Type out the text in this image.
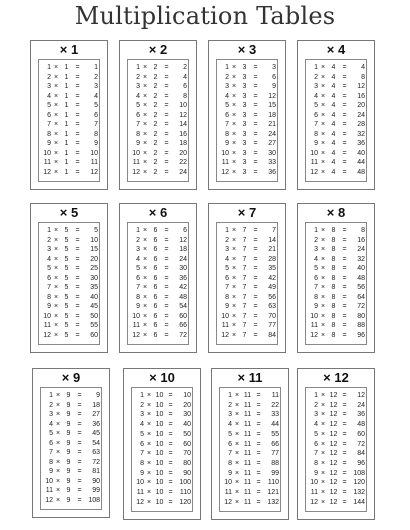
Multiplication Tables
× 1
1 × 1	=	1
2 × 1	=	2
3 × 1	=	3
4 × 1	=	4
5 × 1	=	5
6 × 1	=	6
7 × 1	=	7
8 × 1	=	8
9 × 1	=	9
10 × 1	=	10
11 × 1	=	11
12 × 1	=	12
× 2
1 × 2	=	2
2 × 2	=	4
3 × 2	=	6
4 × 2	=	8
5 × 2	=	10
6 × 2	=	12
7 × 2	=	14
8 × 2	=	16
9 × 2	=	18
10 × 2	=	20
11 × 2	=	22
12 × 2	=	24
× 3
1 × 3	=	3
2 × 3	=	6
3 × 3	=	9
4 × 3	=	12
5 × 3	=	15
6 × 3	=	18
7 × 3	=	21
8 × 3	=	24
9 × 3	=	27
10 × 3	=	30
11 × 3	=	33
12 × 3	=	36
× 4
1 × 4	=	4
2 × 4	=	8
3 × 4	=	12
4 × 4	=	16
5 × 4	=	20
6 × 4	=	24
7 × 4	=	28
8 × 4	=	32
9 × 4	=	36
10 × 4	=	40
11 × 4	=	44
12 × 4	=	48
× 5
1 × 5	=	5
2 × 5	=	10
3 × 5	=	15
4 × 5	=	20
5 × 5	=	25
6 × 5	=	30
7 × 5	=	35
8 × 5	=	40
9 × 5	=	45
10 × 5	=	50
11 × 5	=	55
12 × 5	=	60
× 6
1 × 6	=	6
2 × 6	=	12
3 × 6	=	18
4 × 6	=	24
5 × 6	=	30
6 × 6	=	36
7 × 6	=	42
8 × 6	=	48
9 × 6	=	54
10 × 6	=	60
11 × 6	=	66
12 × 6	=	72
× 7
1 × 7	=	7
2 × 7	=	14
3 × 7	=	21
4 × 7	=	28
5 × 7	=	35
6 × 7	=	42
7 × 7	=	49
8 × 7	=	56
9 × 7	=	63
10 × 7	=	70
11 × 7	=	77
12 × 7	=	84
× 8
1 × 8	=	8
2 × 8	=	16
3 × 8	=	24
4 × 8	=	32
5 × 8	=	40
6 × 8	=	48
7 × 8	=	56
8 × 8	=	64
9 × 8	=	72
10 × 8	=	80
11 × 8	=	88
12 × 8	=	96
× 9
1 × 9	=	9
2 × 9	=	18
3 × 9	=	27
4 × 9	=	36
5 × 9	=	45
6 × 9	=	54
7 × 9	=	63
8 × 9	=	72
9 × 9	=	81
10 × 9	=	90
11 × 9	=	99
12 × 9	= 108
× 10
1 × 10 =	10
2 × 10 =	20
3 × 10 =	30
4 × 10 =	40
5 × 10 =	50
6 × 10 =	60
7 × 10 =	70
8 × 10 =	80
9 × 10 =	90
10 × 10 = 100
11 × 10 =	110
12 × 10 = 120
× 11
1 × 11 =	11
2 × 11 =	22
3 × 11 =	33
4 × 11 =	44
5 × 11 =	55
6 × 11 =	66
7 × 11 =	77
8 × 11 =	88
9 × 11 =	99
10 × 11 =	110
11 × 11 = 121
12 × 11 = 132
× 12
1 × 12 =	12
2 × 12 =	24
3 × 12 =	36
4 × 12 =	48
5 × 12 =	60
6 × 12 =	72
7 × 12 =	84
8 × 12 =	96
9 × 12 = 108
10 × 12 = 120
11 × 12 = 132
12 × 12 = 144
